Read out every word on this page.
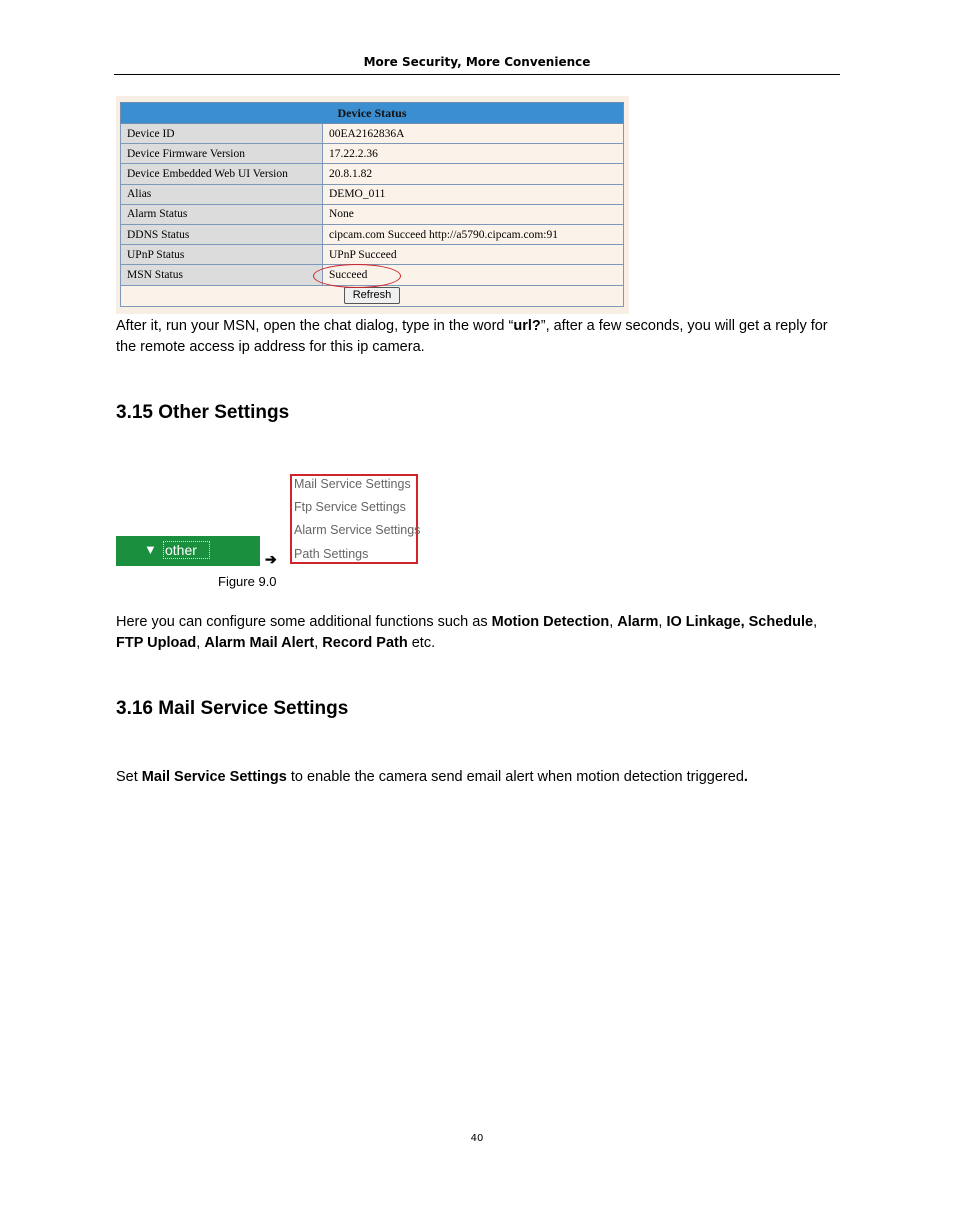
More Security, More Convenience
Device Status	
Device ID	00EA2162836A
Device Firmware Version	17.22.2.36
Device Embedded Web UI Version	20.8.1.82
Alias	DEMO_011
Alarm Status	None
DDNS Status	cipcam.com Succeed http://a5790.cipcam.com:91
UPnP Status	UPnP Succeed
MSN Status	Succeed
Refresh	

After it, run your MSN, open the chat dialog, type in the word “url?”, after a few seconds, you will get a reply for the remote access ip address for this ip camera.

3.15 Other Settings
▼ other
➔
Mail Service Settings
Ftp Service Settings
Alarm Service Settings
Path Settings
Figure 9.0

Here you can configure some additional functions such as Motion Detection, Alarm, IO Linkage, Schedule, FTP Upload, Alarm Mail Alert, Record Path etc.

3.16 Mail Service Settings

Set Mail Service Settings to enable the camera send email alert when motion detection triggered.

40
